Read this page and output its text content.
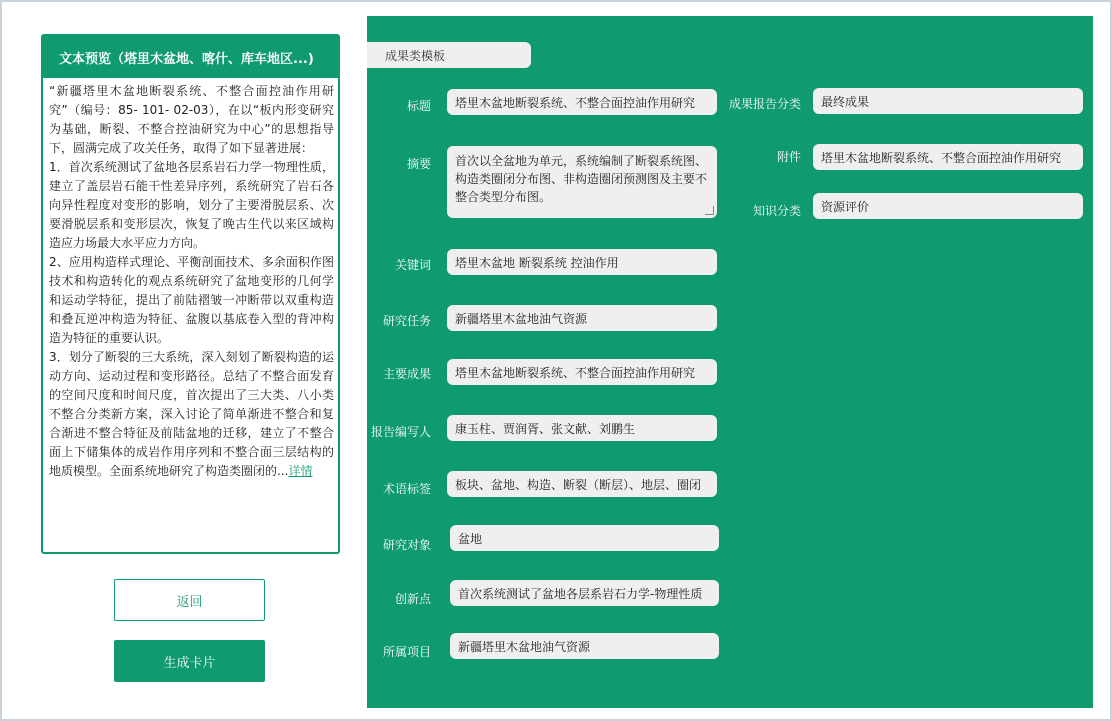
文本预览（塔里木盆地、喀什、库车地区...)
“新疆塔里木盆地断裂系统、不整合面控油作用研究”（编号：85- 101- 02-03），在以“板内形变研究为基础，断裂、不整合控油研究为中心”的思想指导下，圆满完成了攻关任务，取得了如下显著进展：
1．首次系统测试了盆地各层系岩石力学一物理性质，建立了盖层岩石能干性差异序列，系统研究了岩石各向异性程度对变形的影响，划分了主要滑脱层系、次要滑脱层系和变形层次，恢复了晚古生代以来区域构造应力场最大水平应力方向。
2、应用构造样式理论、平衡剖面技术、多余面积作图技术和构造转化的观点系统研究了盆地变形的几何学和运动学特征，提出了前陆褶皱一冲断带以双重构造和叠瓦逆冲构造为特征、盆腹以基底卷入型的背冲构造为特征的重要认识。
3．划分了断裂的三大系统，深入刻划了断裂构造的运动方向、运动过程和变形路径。总结了不整合面发育的空间尺度和时间尺度，首次提出了三大类、八小类不整合分类新方案，深入讨论了简单渐进不整合和复合渐进不整合特征及前陆盆地的迁移，建立了不整合面上下储集体的成岩作用序列和不整合面三层结构的地质模型。全面系统地研究了构造类圈闭的...详情
返回
生成卡片
成果类模板
标题	塔里木盆地断裂系统、不整合面控油作用研究
摘要	首次以全盆地为单元，系统编制了断裂系统图、构造类圈闭分布图、非构造圈闭预测图及主要不整合类型分布图。
关键词	塔里木盆地 断裂系统 控油作用
研究任务	新疆塔里木盆地油气资源
主要成果	塔里木盆地断裂系统、不整合面控油作用研究
报告编写人	康玉柱、贾润胥、张文献、刘鹏生
术语标签	板块、盆地、构造、断裂（断层）、地层、圈闭
研究对象	盆地
创新点	首次系统测试了盆地各层系岩石力学-物理性质
所属项目	新疆塔里木盆地油气资源
成果报告分类	最终成果
附件	塔里木盆地断裂系统、不整合面控油作用研究
知识分类	资源评价
